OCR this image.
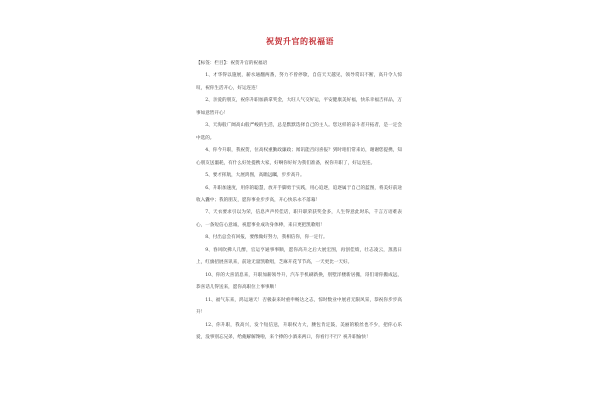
祝贺升官的祝福语

【标签：栏目】：祝贺升官的祝福语

1、才华得以施展，薪水通翻两番，努力不曾停歇，自信天天越见，领导赏识不断，高升令人惊叹，祝你生活开心，好运连连！

2、亲爱的朋友，祝你升职加薪拿奖金，大旺人气交好运，平安健康美好福，快乐幸福吉祥品，万事如意皆开心！

3、天海般广阔高山般严峻的生活，总是默默选择自己的主人。您这样的奋斗者开拓者，是一定会中选的。

4、你今升职，我祝贺，位高权重勤政廉政；闻讯能否问喜报？到时咱们常来访，谢谢您提携，知心朋友送噩耗，有什么好处提携大家，好啊你好好为我们准备，祝你升职了，好运连连。

5、要才挥航，大展鸿图，高瞻远瞩，步步高升。

6、升职加速度，用你的聪慧，放开手脚勇于实践，用心追逐，追逐属于自己的蓝图，将美好前途收入囊中；我的朋友，愿你事业步步高，开心快乐永不落幕！

7、天衣要求引以为荣，信息声声传佳话，职升职荣获奖金多，人生得意此时乐，千言万语难表心，一条短信心意诚，祝愿事业成功身体棒，来日更把凯歌唱！

8、付出总会有回报，要像做好努力，我相信你，你一定行。

9、春风吹拂人几醉，官运亨通事事顺，愿你高升之后大展宏图，再创佳绩，壮志凌云，蒸蒸日上，红旗招展喜讯来，前途无量凯歌唱，芝麻开花节节高，一天更比一天好。

10、你的大喜消息来，升职加薪领导升，汽车手机刷新换，别墅洋楼新居搬，哥们请你搬成远，恭喜话儿得送来，愿你高职位上事事顺！

11、福气东来，鸿运通天！否极泰来时重申畅达之志，惊时数业中展君无限风采，恭祝你步步高升！

12、你升职，我高兴，发个短信送，升职权力大，腰包肯定鼓，美丽的粮丝也不少，把你心乐爱，没事别忘兄弟，给俺解解馋啦，来个捧的小酒来两口，你看行不行？祝升职愉快！
